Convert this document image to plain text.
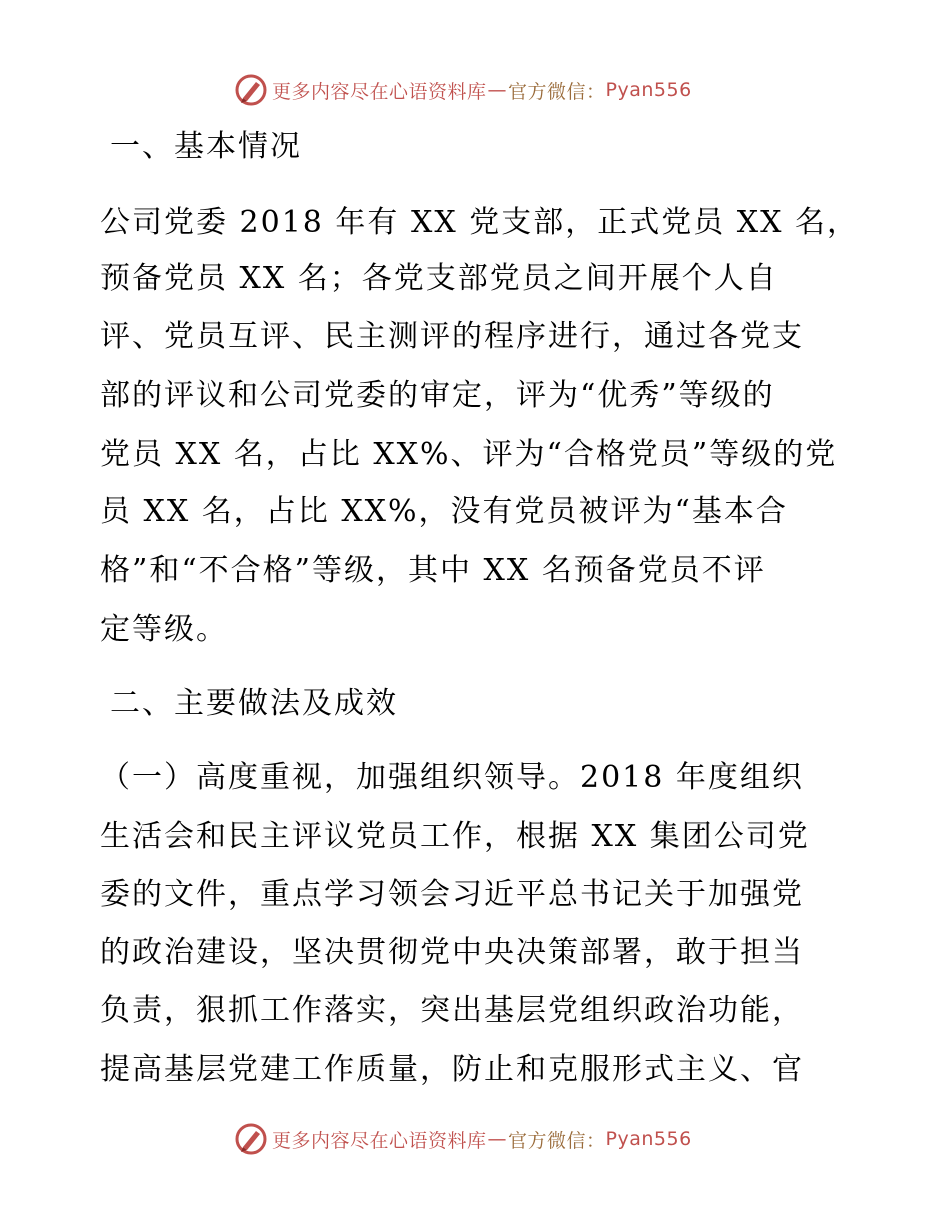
更多内容尽在心语资料库 — 官方微信： Pyan556
一、基本情况
公司党委 2018 年有 XX 党支部，正式党员 XX 名，
预备党员 XX 名；各党支部党员之间开展个人自
评、党员互评、民主测评的程序进行，通过各党支
部的评议和公司党委的审定，评为“优秀”等级的
党员 XX 名，占比 XX%、评为“合格党员”等级的党
员 XX 名，占比 XX%，没有党员被评为“基本合
格”和“不合格”等级，其中 XX 名预备党员不评
定等级。
二、主要做法及成效
（一）高度重视，加强组织领导。2018 年度组织
生活会和民主评议党员工作，根据 XX 集团公司党
委的文件，重点学习领会习近平总书记关于加强党
的政治建设，坚决贯彻党中央决策部署，敢于担当
负责，狠抓工作落实，突出基层党组织政治功能，
提高基层党建工作质量，防止和克服形式主义、官
更多内容尽在心语资料库 — 官方微信： Pyan556
